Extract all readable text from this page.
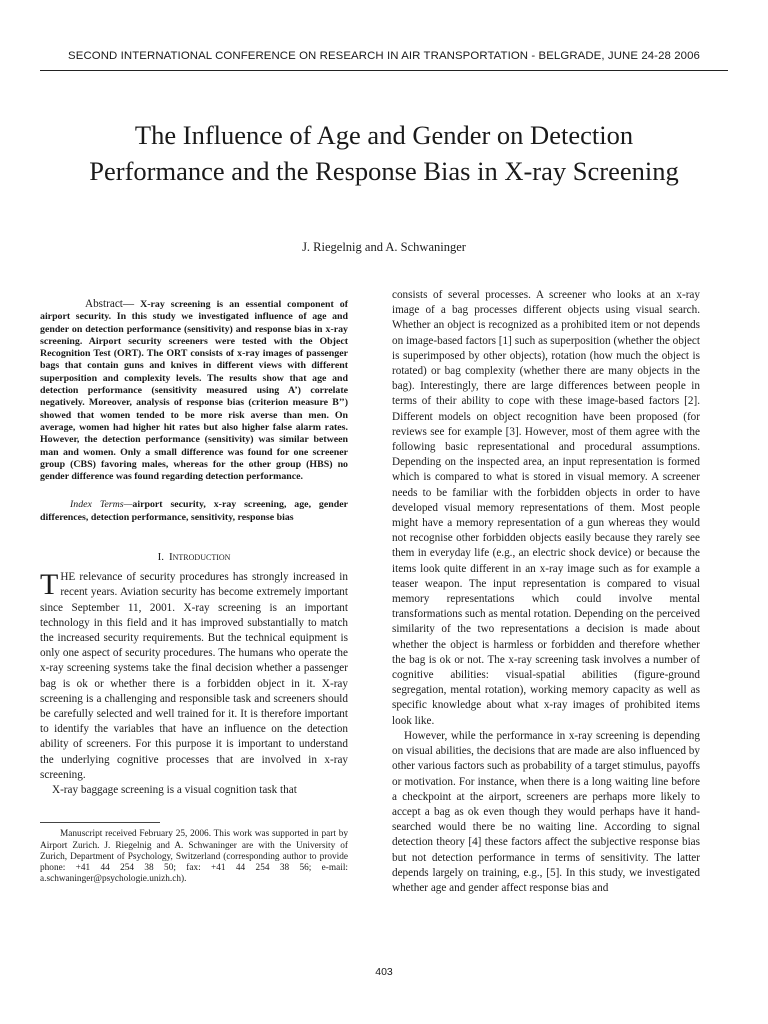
SECOND INTERNATIONAL CONFERENCE ON RESEARCH IN AIR TRANSPORTATION - BELGRADE, JUNE 24-28 2006
The Influence of Age and Gender on Detection Performance and the Response Bias in X-ray Screening
J. Riegelnig and A. Schwaninger

Abstract— X-ray screening is an essential component of airport security. In this study we investigated influence of age and gender on detection performance (sensitivity) and response bias in x-ray screening. Airport security screeners were tested with the Object Recognition Test (ORT). The ORT consists of x-ray images of passenger bags that contain guns and knives in different views with different superposition and complexity levels. The results show that age and detection performance (sensitivity measured using A’) correlate negatively. Moreover, analysis of response bias (criterion measure B’’) showed that women tended to be more risk averse than men. On average, women had higher hit rates but also higher false alarm rates. However, the detection performance (sensitivity) was similar between man and women. Only a small difference was found for one screener group (CBS) favoring males, whereas for the other group (HBS) no gender difference was found regarding detection performance.

Index Terms—airport security, x-ray screening, age, gender differences, detection performance, sensitivity, response bias

I. Introduction

THE relevance of security procedures has strongly increased in recent years. Aviation security has become extremely important since September 11, 2001. X-ray screening is an important technology in this field and it has improved substantially to match the increased security requirements. But the technical equipment is only one aspect of security procedures. The humans who operate the x-ray screening systems take the final decision whether a passenger bag is ok or whether there is a forbidden object in it. X-ray screening is a challenging and responsible task and screeners should be carefully selected and well trained for it. It is therefore important to identify the variables that have an influence on the detection ability of screeners. For this purpose it is important to understand the underlying cognitive processes that are involved in x-ray screening.

X-ray baggage screening is a visual cognition task that

Manuscript received February 25, 2006. This work was supported in part by Airport Zurich. J. Riegelnig and A. Schwaninger are with the University of Zurich, Department of Psychology, Switzerland (corresponding author to provide phone: +41 44 254 38 50; fax: +41 44 254 38 56; e-mail: a.schwaninger@psychologie.unizh.ch).

consists of several processes. A screener who looks at an x-ray image of a bag processes different objects using visual search. Whether an object is recognized as a prohibited item or not depends on image-based factors [1] such as superposition (whether the object is superimposed by other objects), rotation (how much the object is rotated) or bag complexity (whether there are many objects in the bag). Interestingly, there are large differences between people in terms of their ability to cope with these image-based factors [2]. Different models on object recognition have been proposed (for reviews see for example [3]. However, most of them agree with the following basic representational and procedural assumptions. Depending on the inspected area, an input representation is formed which is compared to what is stored in visual memory. A screener needs to be familiar with the forbidden objects in order to have developed visual memory representations of them. Most people might have a memory representation of a gun whereas they would not recognise other forbidden objects easily because they rarely see them in everyday life (e.g., an electric shock device) or because the items look quite different in an x-ray image such as for example a teaser weapon. The input representation is compared to visual memory representations which could involve mental transformations such as mental rotation. Depending on the perceived similarity of the two representations a decision is made about whether the object is harmless or forbidden and therefore whether the bag is ok or not. The x-ray screening task involves a number of cognitive abilities: visual-spatial abilities (figure-ground segregation, mental rotation), working memory capacity as well as specific knowledge about what x-ray images of prohibited items look like.

However, while the performance in x-ray screening is depending on visual abilities, the decisions that are made are also influenced by other various factors such as probability of a target stimulus, payoffs or motivation. For instance, when there is a long waiting line before a checkpoint at the airport, screeners are perhaps more likely to accept a bag as ok even though they would perhaps have it hand-searched would there be no waiting line. According to signal detection theory [4] these factors affect the subjective response bias but not detection performance in terms of sensitivity. The latter depends largely on training, e.g., [5]. In this study, we investigated whether age and gender affect response bias and

403
